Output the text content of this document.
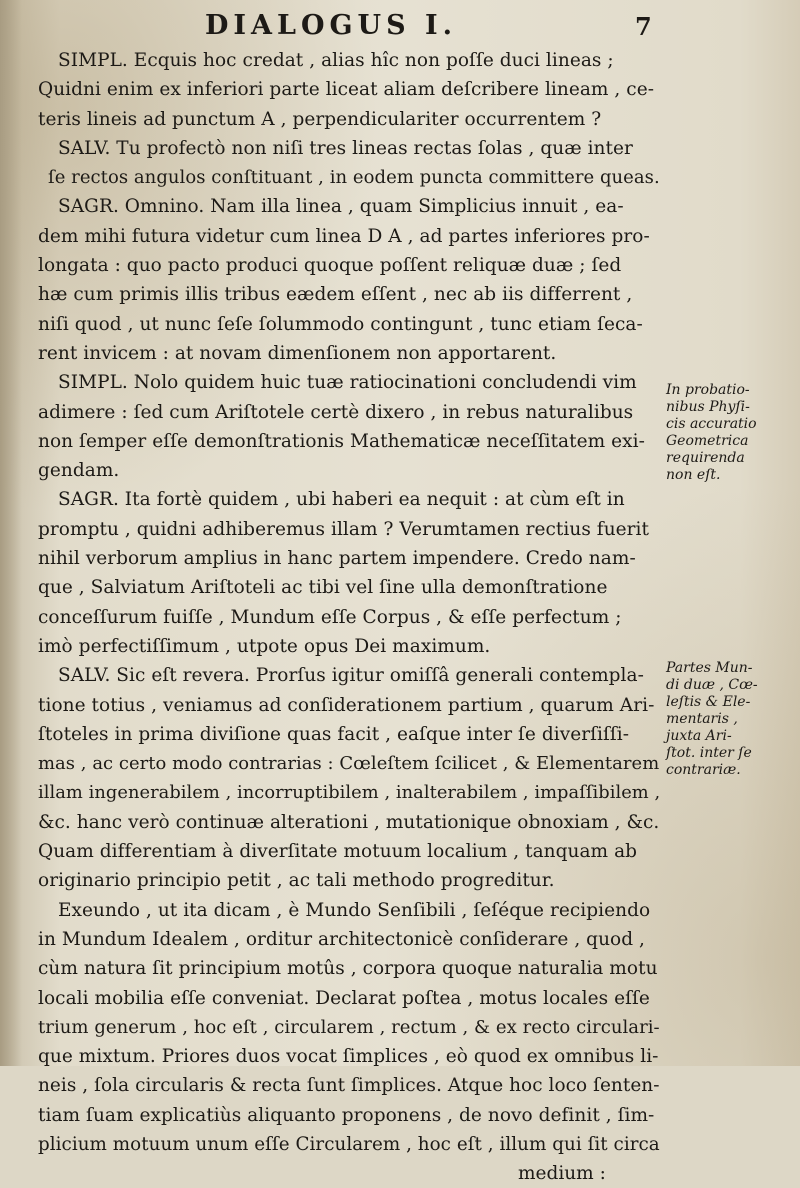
DIALOGUS I.	7
SIMPL. Ecquis hoc credat , alias hîc non poſſe duci lineas ;
Quidni enim ex inferiori parte liceat aliam deſcribere lineam , ce-
teris lineis ad punctum A , perpendiculariter occurrentem ?
SALV. Tu profectò non niſi tres lineas rectas ſolas , quæ inter
ſe rectos angulos conſtituant , in eodem puncta committere queas.
SAGR. Omnino. Nam illa linea , quam Simplicius innuit , ea-
dem mihi futura videtur cum linea D A , ad partes inferiores pro-
longata : quo pacto produci quoque poſſent reliquæ duæ ; ſed
hæ cum primis illis tribus eædem eſſent , nec ab iis differrent ,
niſi quod , ut nunc ſeſe ſolummodo contingunt , tunc etiam ſeca-
rent invicem : at novam dimenſionem non apportarent.
SIMPL. Nolo quidem huic tuæ ratiocinationi concludendi vim
adimere : ſed cum Ariſtotele certè dixero , in rebus naturalibus
non ſemper eſſe demonſtrationis Mathematicæ neceſſitatem exi-
gendam.
SAGR. Ita fortè quidem , ubi haberi ea nequit : at cùm eſt in
promptu , quidni adhiberemus illam ? Verumtamen rectius fuerit
nihil verborum amplius in hanc partem impendere. Credo nam-
que , Salviatum Ariſtoteli ac tibi vel ſine ulla demonſtratione
conceſſurum fuiſſe , Mundum eſſe Corpus , & eſſe perfectum ;
imò perfectiſſimum , utpote opus Dei maximum.
SALV. Sic eſt revera. Prorſus igitur omiſſâ generali contempla-
tione totius , veniamus ad conſiderationem partium , quarum Ari-
ſtoteles in prima diviſione quas facit , eaſque inter ſe diverſiſſi-
mas , ac certo modo contrarias : Cœleſtem ſcilicet , & Elementarem
illam ingenerabilem , incorruptibilem , inalterabilem , impaſſibilem ,
&c. hanc verò continuæ alterationi , mutationique obnoxiam , &c.
Quam differentiam à diverſitate motuum localium , tanquam ab
originario principio petit , ac tali methodo progreditur.
Exeundo , ut ita dicam , è Mundo Senſibili , ſeſéque recipiendo
in Mundum Idealem , orditur architectonicè conſiderare , quod ,
cùm natura ſit principium motûs , corpora quoque naturalia motu
locali mobilia eſſe conveniat. Declarat poſtea , motus locales eſſe
trium generum , hoc eſt , circularem , rectum , & ex recto circulari-
que mixtum. Priores duos vocat ſimplices , eò quod ex omnibus li-
neis , ſola circularis & recta ſunt ſimplices. Atque hoc loco ſenten-
tiam ſuam explicatiùs aliquanto proponens , de novo definit , ſim-
plicium motuum unum eſſe Circularem , hoc eſt , illum qui ſit circa
medium :
In probatio-
nibus Phyſi-
cis accuratio
Geometrica
requirenda
non eſt.
Partes Mun-
di duæ , Cœ-
leſtis & Ele-
mentaris ,
juxta Ari-
ſtot. inter ſe
contrariæ.
